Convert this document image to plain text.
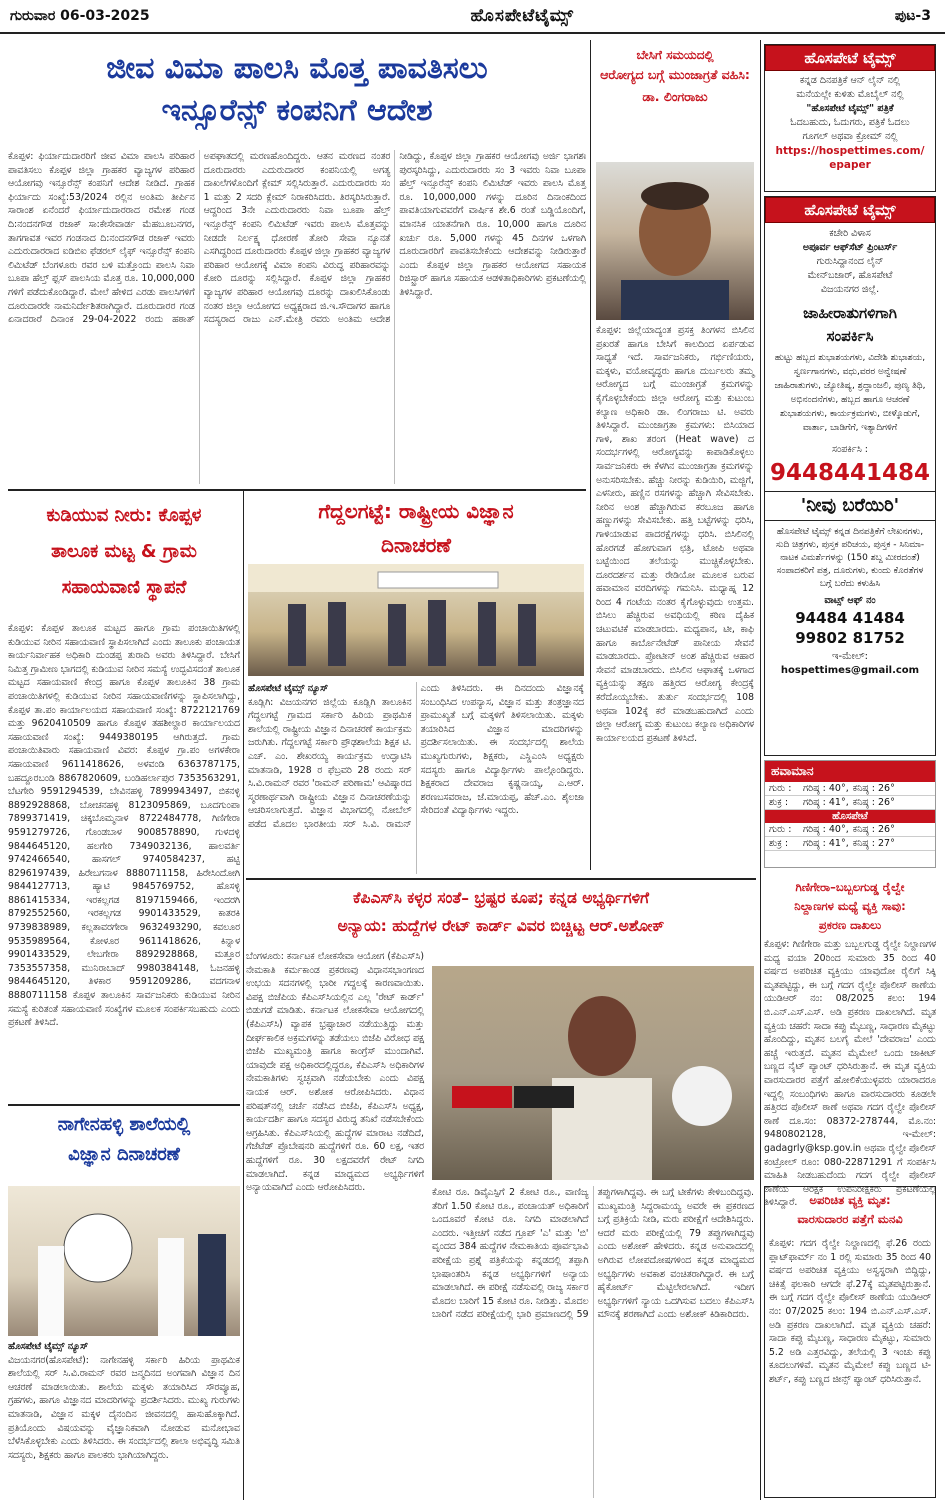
ಗುರುವಾರ 06-03-2025	ಹೊಸಪೇಟೆಟೈಮ್ಸ್	ಪುಟ-3
ಜೀವ ವಿಮಾ ಪಾಲಸಿ ಮೊತ್ತ ಪಾವತಿಸಲು
ಇನ್ಸೂರೆನ್ಸ್ ಕಂಪನಿಗೆ ಆದೇಶ
ಕೊಪ್ಪಳ: ಫಿರ್ಯಾದುದಾರರಿಗೆ ಜೀವ ವಿಮಾ ಪಾಲಸಿ ಪರಿಹಾರ ಪಾವತಿಸಲು ಕೊಪ್ಪಳ ಜಿಲ್ಲಾ ಗ್ರಾಹಕರ ವ್ಯಾಜ್ಯಗಳ ಪರಿಹಾರ ಆಯೋಗವು ಇನ್ಸೂರೆನ್ಸ್ ಕಂಪನಿಗೆ ಆದೇಶ ನೀಡಿದೆ. ಗ್ರಾಹಕ ಫಿರ್ಯಾದು ಸಂಖ್ಯೆ:53/2024 ರಲ್ಲಿನ ಅಂತಿಮ ತೀರ್ಪಿನ ಸಾರಾಂಶ ಏನೆಂದರೆ ಫಿರ್ಯಾದುದಾರರಾದ ರಮೇಶ ಗಂಡ ದಿ:ನಂದನಗೌಡ ರಜಾಕ್ ಸಾ:ಕೇಸೇವಾರ್ಡ ಮೆಹಬೂಬನಗರ, ತಾಗಗಾವತ ಇವರ ಗಂಡನಾದ ದಿ:ನಂದನಗೌಡ ರಜಾಕ್ ಇವರು ಎದುರುದಾರರಾದ ಐಡಿಬಿಐ ಫೆಡರಲ್ ಲೈಫ್ ಇನ್ಸೂರೆನ್ಸ್ ಕಂಪನಿ ಲಿಮಿಟೆಡ್ ಬೆಂಗಳೂರು ರವರ ಬಳಿ ಮತ್ತೊಂದು ಪಾಲಸಿ ನಿವಾ ಬೂಪಾ ಹೆಲ್ತ್ ಫ್ಲಸ್ ಪಾಲಸಿಯ ಮೊತ್ತ ರೂ. 10,000,000 ಗಳಿಗೆ ಪಡೆದುಕೊಂಡಿದ್ದಾರೆ. ಮೇಲೆ ಹೇಳಿದ ಎರಡು ಪಾಲಸಿಗಳಿಗೆ ದೂರುದಾರರೇ ನಾಮನಿರ್ದೇಶಿತರಾಗಿದ್ದಾರೆ. ದೂರುದಾರರ ಗಂಡ ಏನಾದರಾರೆ ದಿನಾಂಕ 29-04-2022 ರಂದು ಹಠಾತ್ ಅಪಘಾತದಲ್ಲಿ ಮರಣಹೊಂದಿದ್ದರು. ಆತನ ಮರಣದ ನಂತರ ದೂರುದಾರರು ಎದುರುದಾರರ ಕಂಪನಿಯಲ್ಲಿ ಅಗತ್ಯ ದಾಖಲೆಗಳೊಂದಿಗೆ ಕ್ಲೇಮ್ ಸಲ್ಲಿಸಿರುತ್ತಾರೆ. ಎದುರುದಾರರು ಸಂ 1 ಮತ್ತು 2 ಸದರಿ ಕ್ಲೇಮ್ ನಿರಾಕರಿಸಿದರು. ತಿರಸ್ಕರಿಸಿರುತ್ತಾರೆ. ಆದ್ದರಿಂದ 3ನೇ ಎದುರುದಾರರು ನಿವಾ ಬೂಪಾ ಹೆಲ್ತ್ ಇನ್ಸೂರೆನ್ಸ್ ಕಂಪನಿ ಲಿಮಿಟೆಡ್ ಇವರು ಪಾಲಸಿ ಮೊತ್ತವನ್ನು ನೀಡದೇ ನಿರ್ಲಕ್ಷ್ಯ ಧೋರಣೆ ತೋರಿ ಸೇವಾ ನ್ಯೂನತೆ ಎಸಗಿದ್ದರಿಂದ ದೂರುದಾರರು ಕೊಪ್ಪಳ ಜಿಲ್ಲಾ ಗ್ರಾಹಕರ ವ್ಯಾಜ್ಯಗಳ ಪರಿಹಾರ ಆಯೋಗಕ್ಕೆ ವಿಮಾ ಕಂಪನಿ ವಿರುದ್ಧ ಪರಿಹಾರವನ್ನು ಕೋರಿ ದೂರನ್ನು ಸಲ್ಲಿಸಿದ್ದಾರೆ. ಕೊಪ್ಪಳ ಜಿಲ್ಲಾ ಗ್ರಾಹಕರ ವ್ಯಾಜ್ಯಗಳ ಪರಿಹಾರ ಆಯೋಗವು ದೂರನ್ನು ದಾಖಲಿಸಿಕೊಂಡು ನಂತರ ಜಿಲ್ಲಾ ಆಯೋಗದ ಅಧ್ಯಕ್ಷರಾದ ಜಿ.ಇ.ಸೌದಾಗರ ಹಾಗೂ ಸದಸ್ಯರಾದ ರಾಜು ಎನ್.ಮೇತ್ರಿ ರವರು ಅಂತಿಮ ಆದೇಶ ನೀಡಿದ್ದು, ಕೊಪ್ಪಳ ಜಿಲ್ಲಾ ಗ್ರಾಹಕರ ಆಯೋಗವು ಅರ್ಜಿ ಭಾಗಶಃ ಪುರಸ್ಕರಿಸಿದ್ದು, ಎದುರುದಾರರು ಸಂ 3 ಇವರು ನಿವಾ ಬೂಪಾ ಹೆಲ್ತ್ ಇನ್ಸೂರೆನ್ಸ್ ಕಂಪನಿ ಲಿಮಿಟೆಡ್ ಇವರು ಪಾಲಸಿ ಮೊತ್ತ ರೂ. 10,000,000 ಗಳನ್ನು ದೂರಿನ ದಿನಾಂಕದಿಂದ ಪಾವತಿಯಾಗುವವರೆಗೆ ವಾರ್ಷಿಕ ಶೇ.6 ರಂತೆ ಬಡ್ಡಿಯೊಂದಿಗೆ, ಮಾನಸಿಕ ಯಾತನೆಗಾಗಿ ರೂ. 10,000 ಹಾಗೂ ದೂರಿನ ಖರ್ಚು ರೂ. 5,000 ಗಳನ್ನು 45 ದಿನಗಳ ಒಳಗಾಗಿ ದೂರುದಾರರಿಗೆ ಪಾವತಿಸಬೇಕೆಂದು ಆದೇಶವನ್ನು ನೀಡಿರುತ್ತಾರೆ ಎಂದು ಕೊಪ್ಪಳ ಜಿಲ್ಲಾ ಗ್ರಾಹಕರ ಆಯೋಗದ ಸಹಾಯಕ ರಿಜಿಸ್ಟ್ರಾರ್ ಹಾಗೂ ಸಹಾಯಕ ಆಡಳಿತಾಧಿಕಾರಿಗಳು ಪ್ರಕಟಣೆಯಲ್ಲಿ ತಿಳಿಸಿದ್ದಾರೆ.
ಬೇಸಿಗೆ ಸಮಯದಲ್ಲಿ
ಆರೋಗ್ಯದ ಬಗ್ಗೆ ಮುಂಜಾಗ್ರತೆ ವಹಿಸಿ: ಡಾ. ಲಿಂಗರಾಜು
ಕೊಪ್ಪಳ: ಜಿಲ್ಲೆಯಾದ್ಯಂತ ಪ್ರಸಕ್ತ ತಿಂಗಳನ ಬಿಸಿಲಿನ ಪ್ರಖರತೆ ಹಾಗೂ ಬೇಸಿಗೆ ಕಾಲದಿಂದ ಏರ್ಪಡುವ ಸಾಧ್ಯತೆ ಇದೆ. ಸಾರ್ವಜನಿಕರು, ಗರ್ಭಿಣಿಯರು, ಮಕ್ಕಳು, ವಯೋವೃದ್ಧರು ಹಾಗೂ ದುರ್ಬಲರು ತಮ್ಮ ಆರೋಗ್ಯದ ಬಗ್ಗೆ ಮುಂಜಾಗ್ರತೆ ಕ್ರಮಗಳನ್ನು ಕೈಗೊಳ್ಳಬೇಕೆಂದು ಜಿಲ್ಲಾ ಆರೋಗ್ಯ ಮತ್ತು ಕುಟುಂಬ ಕಲ್ಯಾಣ ಅಧಿಕಾರಿ ಡಾ. ಲಿಂಗರಾಜು ಟಿ. ಅವರು ತಿಳಿಸಿದ್ದಾರೆ. ಮುಂಜಾಗ್ರತಾ ಕ್ರಮಗಳು: ಬಿಸಿಯಾದ ಗಾಳಿ, ಶಾಖ ತರಂಗ (Heat wave) ದ ಸಂದರ್ಭಗಳಲ್ಲಿ ಆರೋಗ್ಯವನ್ನು ಕಾಪಾಡಿಕೊಳ್ಳಲು ಸಾರ್ವಜನಿಕರು ಈ ಕೆಳಗಿನ ಮುಂಜಾಗ್ರತಾ ಕ್ರಮಗಳನ್ನು ಅನುಸರಿಸಬೇಕು. ಹೆಚ್ಚು ನೀರನ್ನು ಕುಡಿಯಿರಿ, ಮಜ್ಜಿಗೆ, ಎಳನೀರು, ಹಣ್ಣಿನ ರಸಗಳನ್ನು ಹೆಚ್ಚಾಗಿ ಸೇವಿಸಬೇಕು. ನೀರಿನ ಅಂಶ ಹೆಚ್ಚಾಗಿರುವ ಕರಬೂಜ ಹಾಗೂ ಹಣ್ಣುಗಳನ್ನು ಸೇವಿಸಬೇಕು. ಹತ್ತಿ ಬಟ್ಟೆಗಳನ್ನು ಧರಿಸಿ, ಗಾಳಿಯಾಡುವ ಪಾದರಕ್ಷೆಗಳನ್ನು ಧರಿಸಿ. ಬಿಸಿಲಿನಲ್ಲಿ ಹೊರಗಡೆ ಹೋಗುವಾಗ ಛತ್ರಿ, ಟೋಪಿ ಅಥವಾ ಬಟ್ಟೆಯಿಂದ ತಲೆಯನ್ನು ಮುಚ್ಚಿಕೊಳ್ಳಬೇಕು. ದೂರದರ್ಶನ ಮತ್ತು ರೇಡಿಯೋ ಮೂಲಕ ಬರುವ ಹವಾಮಾನ ವರದಿಗಳನ್ನು ಗಮನಿಸಿ. ಮಧ್ಯಾಹ್ನ 12 ರಿಂದ 4 ಗಂಟೆಯ ನಂತರ ಕೈಗೊಳ್ಳುವುದು ಉತ್ತಮ. ಬಿಸಿಲು ಹೆಚ್ಚಿರುವ ಅವಧಿಯಲ್ಲಿ ಕಠಿಣ ದೈಹಿಕ ಚಟುವಟಿಕೆ ಮಾಡಬಾರದು. ಮಧ್ಯಪಾನ, ಟೀ, ಕಾಫಿ ಹಾಗೂ ಕಾರ್ಬೊನೇಟೆಡ್ ಪಾನೀಯ ಸೇವನೆ ಮಾಡಬಾರದು. ಪ್ರೋಟೀನ್ ಅಂಶ ಹೆಚ್ಚಿರುವ ಆಹಾರ ಸೇವನೆ ಮಾಡಬಾರದು. ಬಿಸಿಲಿನ ಆಘಾತಕ್ಕೆ ಒಳಗಾದ ವ್ಯಕ್ತಿಯನ್ನು ತಕ್ಷಣ ಹತ್ತಿರದ ಆರೋಗ್ಯ ಕೇಂದ್ರಕ್ಕೆ ಕರೆದೊಯ್ಯಬೇಕು. ತುರ್ತು ಸಂದರ್ಭದಲ್ಲಿ 108 ಅಥವಾ 102ಕ್ಕೆ ಕರೆ ಮಾಡಬಹುದಾಗಿದೆ ಎಂದು ಜಿಲ್ಲಾ ಆರೋಗ್ಯ ಮತ್ತು ಕುಟುಂಬ ಕಲ್ಯಾಣ ಅಧಿಕಾರಿಗಳ ಕಾರ್ಯಾಲಯದ ಪ್ರಕಟಣೆ ತಿಳಿಸಿದೆ.
ಹೊಸಪೇಟೆ ಟೈಮ್ಸ್
ಕನ್ನಡ ದಿನಪತ್ರಿಕೆ ಆನ್ ಲೈನ್ ನಲ್ಲಿ
ಮನೆಯಲ್ಲೇ ಕುಳಿತು ಮೊಬೈಲ್ ನಲ್ಲಿ
"ಹೊಸಪೇಟೆ ಟೈಮ್ಸ್" ಪತ್ರಿಕೆ
ಓದಬಹುದು, ಓದುಗರು, ಪತ್ರಿಕೆ ಓದಲು
ಗೂಗಲ್ ಅಥವಾ ಕ್ರೋಮ್ ನಲ್ಲಿ
https://hospettimes.com/
epaper
ಹೊಸಪೇಟೆ ಟೈಮ್ಸ್
ಕಚೇರಿ ವಿಳಾಸ
ಅಪೂರ್ವ ಆಫ್‌ಸೆಟ್ ಪ್ರಿಂಟರ್ಸ್
ಗುರುಸಿದ್ದಾನಂದ ಲೈನ್
ಮೇನ್‌ಬಜಾರ್, ಹೊಸಪೇಟೆ
ವಿಜಯನಗರ ಜಿಲ್ಲೆ.
ಜಾಹೀರಾತುಗಳಿಗಾಗಿ
ಸಂಪರ್ಕಿಸಿ
ಹುಟ್ಟು ಹಬ್ಬದ ಶುಭಾಶಯಗಳು, ವಿದೇಶಿ ಶುಭಾಶಯ, ಸ್ವರ್ಣಗಾನಗಳು, ವಧು,ವರರ ಅನ್ವೇಷಣೆ ಜಾಹಿರಾತುಗಳು, ಜ್ಯೋತಿಷ್ಯ, ಶ್ರದ್ಧಾಂಜಲಿ, ಪುಣ್ಯ ತಿಥಿ, ಅಭಿನಂದನೆಗಳು, ಹಬ್ಬದ ಹಾಗೂ ಆಚರಣೆ ಶುಭಾಶಯಗಳು, ಕಾರ್ಯಕ್ರಮಗಳು, ಬೀಳ್ಕೊಡುಗೆ, ವಾರ್ತಾ, ಬಾಡಿಗೆಗೆ, ಇತ್ಯಾದಿಗಳಿಗೆ
ಸಂಪರ್ಕಿಸಿ :
9448441484
'ನೀವು ಬರೆಯಿರಿ'
ಹೊಸಪೇಟೆ ಟೈಮ್ಸ್ ಕನ್ನಡ ದಿನಪತ್ರಿಕೆಗೆ ಲೇಖನಗಳು, ಸುದಿ ಚಿತ್ರಗಳು, ಪುಸ್ತಕ ಪರಿಚಯ, ಪುಸ್ತಕ - ಸಿನಿಮಾ-ನಾಟಕ ವಿಮರ್ಶೆಗಳನ್ನು (150 ಶಬ್ದ ಮೀರದಂತೆ) ಸಂಪಾದಕರಿಗೆ ಪತ್ರ, ದೂರುಗಳು, ಕುಂದು ಕೊರತೆಗಳ ಬಗ್ಗೆ ಬರೆದು ಕಳುಹಿಸಿ
ವಾಟ್ಸ್ ಆಫ್ ನಂ
94484 41484
99802 81752
ಇ-ಮೇಲ್: hospettimes@gmail.com
ಹವಾಮಾನ
ಗುರು :	ಗರಿಷ್ಠ : 40 ° , ಕನಿಷ್ಠ : 26 °
ಶುಕ್ರ :	ಗರಿಷ್ಠ : 41 ° , ಕನಿಷ್ಠ : 26 °
ಹೊಸಪೇಟೆ
ಗುರು :	ಗರಿಷ್ಠ : 40 ° , ಕನಿಷ್ಠ : 26 °
ಶುಕ್ರ :	ಗರಿಷ್ಠ : 41 ° , ಕನಿಷ್ಠ : 27 °
ಕುಡಿಯುವ ನೀರು: ಕೊಪ್ಪಳ
ತಾಲೂಕ ಮಟ್ಟ & ಗ್ರಾಮ
ಸಹಾಯವಾಣಿ ಸ್ಥಾಪನೆ
ಕೊಪ್ಪಳ: ಕೊಪ್ಪಳ ತಾಲೂಕ ಮಟ್ಟದ ಹಾಗೂ ಗ್ರಾಮ ಪಂಚಾಯಿತಿಗಳಲ್ಲಿ ಕುಡಿಯುವ ನೀರಿನ ಸಹಾಯವಾಣಿ ಸ್ಥಾಪಿಸಲಾಗಿದೆ ಎಂದು ತಾಲೂಕು ಪಂಚಾಯತ ಕಾರ್ಯನಿರ್ವಾಹಕ ಅಧಿಕಾರಿ ದುಂಡಪ್ಪ ತುರಾದಿ ಅವರು ತಿಳಿಸಿದ್ದಾರೆ. ಬೇಸಿಗೆ ನಿಮಿತ್ತ ಗ್ರಾಮೀಣ ಭಾಗದಲ್ಲಿ ಕುಡಿಯುವ ನೀರಿನ ಸಮಸ್ಯೆ ಉದ್ಭವಿಸದಂತೆ ತಾಲೂಕ ಮಟ್ಟದ ಸಹಾಯವಾಣಿ ಕೇಂದ್ರ ಹಾಗೂ ಕೊಪ್ಪಳ ತಾಲೂಕಿನ 38 ಗ್ರಾಮ ಪಂಚಾಯಿತಿಗಳಲ್ಲಿ ಕುಡಿಯುವ ನೀರಿನ ಸಹಾಯವಾಣಿಗಳನ್ನು ಸ್ಥಾಪಿಸಲಾಗಿದ್ದು, ಕೊಪ್ಪಳ ತಾ.ಪಂ ಕಾರ್ಯಾಲಯದ ಸಹಾಯವಾಣಿ ಸಂಖ್ಯೆ: 8722121769 ಮತ್ತು 9620410509 ಹಾಗೂ ಕೊಪ್ಪಳ ತಹಶೀಲ್ದಾರ ಕಾರ್ಯಾಲಯದ ಸಹಾಯವಾಣಿ ಸಂಖ್ಯೆ: 9449380195 ಆಗಿರುತ್ತದೆ. ಗ್ರಾಮ ಪಂಚಾಯಿತಿವಾರು ಸಹಾಯವಾಣಿ ವಿವರ: ಕೊಪ್ಪಳ ಗ್ರಾ.ಪಂ ಅಗಳಕೇರಾ ಸಹಾಯವಾಣಿ 9611418626, ಅಳವಂಡಿ 6363787175, ಬಹದ್ದೂರಬಂಡಿ 8867820609, ಬಂಡಿಹರ್ಲಾಪುರ 7353563291, ಬೆಟಗೇರಿ 9591294539, ಬೇವಿನಹಳ್ಳಿ 7899943497, ಬಿಕನಳ್ಳಿ 8892928868, ಬೋಚನಹಳ್ಳಿ 8123095869, ಬೂದಗುಂಪಾ 7899371419, ಚಿಕ್ಕಬೊಮ್ಮನಾಳ 8722484778, ಗಿಣಿಗೇರಾ 9591279726, ಗೊಂಡಬಾಳ 9008578890, ಗುಳದಳ್ಳಿ 9844645120, ಹಲಗೇರಿ 7349032136, ಹಾಲವರ್ತಿ 9742466540, ಹಾಸಗಲ್ 9740584237, ಹಟ್ಟಿ 8296197439, ಹಿರೇಬಗನಾಳ 8880711158, ಹಿರೇಸಿಂದೋಗಿ 9844127713, ಹ್ಯಾಟಿ 9845769752, ಹೊಸಳ್ಳಿ 8861415334, ಇರಕಲ್ಲಗಡ 8197159466, ಇಂದರಗಿ 8792552560, ಇರಕಲ್ಲಗಡ 9901433529, ಕಾತರಕಿ 9739838989, ಕಲ್ಲತಾವರಗೇರಾ 9632493290, ಕವಲೂರ 9535989564, ಕೋಳೂರ 9611418626, ಕಿನ್ನಾಳ 9901433529, ಲೇಬಗೇರಾ 8892928868, ಮತ್ತೂರ 7353557358, ಮುನಿರಾಬಾದ್ 9980384148, ಓಜನಹಳ್ಳಿ 9844645120, ತಿಳಕಾರ 9591209286, ವದಗನಾಳ 8880711158 ಕೊಪ್ಪಳ ತಾಲೂಕಿನ ಸಾರ್ವಜನಿಕರು ಕುಡಿಯುವ ನೀರಿನ ಸಮಸ್ಯೆ ಕುರಿತಂತೆ ಸಹಾಯವಾಣಿ ಸಂಖ್ಯೆಗಳ ಮೂಲಕ ಸಂಪರ್ಕಿಸಬಹುದು ಎಂದು ಪ್ರಕಟಣೆ ತಿಳಿಸಿದೆ.
ಗೆದ್ದಲಗಟ್ಟೆ: ರಾಷ್ಟ್ರೀಯ ವಿಜ್ಞಾನ
ದಿನಾಚರಣೆ
ಹೊಸಪೇಟೆ ಟೈಮ್ಸ್ ನ್ಯೂಸ್
ಕೂಡ್ಲಿಗಿ: ವಿಜಯನಗರ ಜಿಲ್ಲೆಯ ಕೂಡ್ಲಿಗಿ ತಾಲೂಕಿನ ಗೆದ್ದಲಗಟ್ಟೆ ಗ್ರಾಮದ ಸರ್ಕಾರಿ ಹಿರಿಯ ಪ್ರಾಥಮಿಕ ಶಾಲೆಯಲ್ಲಿ ರಾಷ್ಟ್ರೀಯ ವಿಜ್ಞಾನ ದಿನಾಚರಣೆ ಕಾರ್ಯಕ್ರಮ ಜರುಗಿತು. ಗೆದ್ದಲಗಟ್ಟೆ ಸರ್ಕಾರಿ ಪ್ರೌಢಶಾಲೆಯ ಶಿಕ್ಷಕ ಟಿ. ಎಚ್. ಎಂ. ಶೇಖರಯ್ಯ ಕಾರ್ಯಕ್ರಮ ಉದ್ಘಾಟಿಸಿ ಮಾತನಾಡಿ, 1928 ರ ಫೆಬ್ರವರಿ 28 ರಂದು ಸರ್ ಸಿ.ವಿ.ರಾಮನ್ ರವರ 'ರಾಮನ್ ಪರಿಣಾಮ' ಆವಿಷ್ಕಾರದ ಸ್ಮರಣಾರ್ಥವಾಗಿ ರಾಷ್ಟ್ರೀಯ ವಿಜ್ಞಾನ ದಿನಾಚರಣೆಯನ್ನು ಆಚರಿಸಲಾಗುತ್ತದೆ. ವಿಜ್ಞಾನ ವಿಭಾಗದಲ್ಲಿ ನೋಬೆಲ್ ಪಡೆದ ಮೊದಲ ಭಾರತೀಯ ಸರ್ ಸಿ.ವಿ. ರಾಮನ್ ಎಂದು ತಿಳಿಸಿದರು. ಈ ದಿನದಂದು ವಿಜ್ಞಾನಕ್ಕೆ ಸಂಬಂಧಿಸಿದ ಉಪನ್ಯಾಸ, ವಿಜ್ಞಾನ ಮತ್ತು ತಂತ್ರಜ್ಞಾನದ ಪ್ರಾಮುಖ್ಯತೆ ಬಗ್ಗೆ ಮಕ್ಕಳಿಗೆ ತಿಳಿಸಲಾಯಿತು. ಮಕ್ಕಳು ತಯಾರಿಸಿದ ವಿಜ್ಞಾನ ಮಾದರಿಗಳನ್ನು ಪ್ರದರ್ಶಿಸಲಾಯಿತು. ಈ ಸಂದರ್ಭದಲ್ಲಿ ಶಾಲೆಯ ಮುಖ್ಯಗುರುಗಳು, ಶಿಕ್ಷಕರು, ಎಸ್ಡಿಎಂಸಿ ಅಧ್ಯಕ್ಷರು ಸದಸ್ಯರು ಹಾಗೂ ವಿದ್ಯಾರ್ಥಿಗಳು ಪಾಲ್ಗೊಂಡಿದ್ದರು. ಶಿಕ್ಷಕರಾದ ದೇವರಾಜ ಕೃಷ್ಣನಾಯ್ಕ, ಎ.ಆರ್. ಶರಣಬಸವರಾಜ, ಜೆ.ಮಾಯಪ್ಪ, ಹೆಚ್.ಎಂ. ಶೈಲಜಾ ಸೇರಿದಂತೆ ವಿದ್ಯಾರ್ಥಿಗಳು ಇದ್ದರು.
ಕೆಪಿಎಸ್‌ಸಿ ಕಳ್ಳರ ಸಂತೆ– ಭ್ರಷ್ಟರ ಕೂಪ; ಕನ್ನಡ ಅಭ್ಯರ್ಥಿಗಳಿಗೆ
ಅನ್ಯಾಯ: ಹುದ್ದೆಗಳ ರೇಟ್ ಕಾರ್ಡ್ ವಿವರ ಬಿಚ್ಚಿಟ್ಟ ಆರ್.ಅಶೋಕ್
ಬೆಂಗಳೂರು: ಕರ್ನಾಟಕ ಲೋಕಸೇವಾ ಆಯೋಗ (ಕೆಪಿಎಸ್‌ಸಿ) ನೇಮಕಾತಿ ಕರ್ಮಕಾಂಡ ಪ್ರಕರಣವು ವಿಧಾನಸಭಾಂಗಣದ ಉಭಯ ಸದನಗಳಲ್ಲಿ ಭಾರೀ ಗದ್ದಲಕ್ಕೆ ಕಾರಣವಾಯಿತು. ವಿಪಕ್ಷ ಬಿಜೆಪಿಯ ಕೆಪಿಎಸ್‌ಸಿಯಲ್ಲಿನ ಎಲ್ಲ 'ರೇಟ್ ಕಾರ್ಡ್' ಬಿಡುಗಡೆ ಮಾಡಿತು. ಕರ್ನಾಟಕ ಲೋಕಸೇವಾ ಆಯೋಗದಲ್ಲಿ (ಕೆಪಿಎಸ್‌ಸಿ) ವ್ಯಾಪಕ ಭ್ರಷ್ಟಾಚಾರ ನಡೆಯುತ್ತಿದ್ದು ಮತ್ತು ದೀರ್ಘಕಾಲಿಕ ಅಕ್ರಮಗಳನ್ನು ತಡೆಯಲು ಬಿಜೆಪಿ ವಿರೋಧ ಪಕ್ಷ ಬಿಜೆಪಿ ಮುಖ್ಯಮಂತ್ರಿ ಹಾಗೂ ಕಾಂಗ್ರೆಸ್ ಮುಂದಾಗಿವೆ. ಯಾವುದೇ ಪಕ್ಷ ಅಧಿಕಾರದಲ್ಲಿದ್ದರೂ, ಕೆಪಿಎಸ್‌ಸಿ ಅಧಿಕಾರಿಗಳ ನೇಮಕಾತಿಗಳು ಸ್ವಚ್ಛವಾಗಿ ನಡೆಯಬೇಕು ಎಂದು ವಿಪಕ್ಷ ನಾಯಕ ಆರ್. ಅಶೋಕ ಆರೋಪಿಸಿದರು. ವಿಧಾನ ಪರಿಷತ್‌ನಲ್ಲಿ ಚರ್ಚೆ ನಡೆಸಿದ ಬಿಜೆಪಿ, ಕೆಪಿಎಸ್‌ಸಿ ಅಧ್ಯಕ್ಷ, ಕಾರ್ಯದರ್ಶಿ ಹಾಗೂ ಸದಸ್ಯರ ವಿರುದ್ಧ ತನಿಖೆ ನಡೆಸಬೇಕೆಂದು ಆಗ್ರಹಿಸಿತು. ಕೆಪಿಎಸ್‌ಸಿಯಲ್ಲಿ ಹುದ್ದೆಗಳ ಮಾರಾಟ ನಡೆದಿದೆ, ಗೆಜೆಟೆಡ್ ಪ್ರೊಬೇಷನರಿ ಹುದ್ದೆಗಳಿಗೆ ರೂ. 60 ಲಕ್ಷ, ಇತರ ಹುದ್ದೆಗಳಿಗೆ ರೂ. 30 ಲಕ್ಷದವರೆಗೆ ರೇಟ್ ನಿಗದಿ ಮಾಡಲಾಗಿದೆ. ಕನ್ನಡ ಮಾಧ್ಯಮದ ಅಭ್ಯರ್ಥಿಗಳಿಗೆ ಅನ್ಯಾಯವಾಗಿದೆ ಎಂದು ಆರೋಪಿಸಿದರು.	ಕೋಟಿ ರೂ. ಡಿವೈಎಸ್ಪಿಗೆ 2 ಕೋಟಿ ರೂ., ವಾಣಿಜ್ಯ ತೆರಿಗೆ 1.50 ಕೋಟಿ ರೂ., ಪಂಚಾಯತ್ ಅಧಿಕಾರಿಗೆ ಒಂದೂವರೆ ಕೋಟಿ ರೂ. ನಿಗದಿ ಮಾಡಲಾಗಿದೆ ಎಂದರು. ಇತ್ತೀಚಿಗೆ ನಡೆದ ಗ್ರೂಪ್ 'ಎ' ಮತ್ತು 'ಬಿ' ವೃಂದದ 384 ಹುದ್ದೆಗಳ ನೇಮಕಾತಿಯ ಪೂರ್ವಭಾವಿ ಪರೀಕ್ಷೆಯ ಪ್ರಶ್ನೆ ಪತ್ರಿಕೆಯನ್ನು ಕನ್ನಡದಲ್ಲಿ ತಪ್ಪಾಗಿ ಭಾಷಾಂತರಿಸಿ ಕನ್ನಡ ಅಭ್ಯರ್ಥಿಗಳಿಗೆ ಅನ್ಯಾಯ ಮಾಡಲಾಗಿದೆ. ಈ ಪರೀಕ್ಷೆ ನಡೆಸುವಲ್ಲಿ ರಾಜ್ಯ ಸರ್ಕಾರ ಮೊದಲ ಬಾರಿಗೆ 15 ಕೋಟಿ ರೂ. ನೀಡಿತ್ತು. ಮೊದಲ ಬಾರಿಗೆ ನಡೆದ ಪರೀಕ್ಷೆಯಲ್ಲಿ ಭಾರಿ ಪ್ರಮಾಣದಲ್ಲಿ 59 ತಪ್ಪುಗಳಾಗಿದ್ದವು. ಈ ಬಗ್ಗೆ ಟೀಕೆಗಳು ಕೇಳಿಬಂದಿದ್ದವು. ಮುಖ್ಯಮಂತ್ರಿ ಸಿದ್ದರಾಮಯ್ಯ ಅವರೇ ಈ ಪ್ರಕರಣದ ಬಗ್ಗೆ ಪ್ರತಿಕ್ರಿಯೆ ನೀಡಿ, ಮರು ಪರೀಕ್ಷೆಗೆ ಆದೇಶಿಸಿದ್ದರು. ಆದರೆ ಮರು ಪರೀಕ್ಷೆಯಲ್ಲಿ 79 ತಪ್ಪುಗಳಾಗಿದ್ದವು ಎಂದು ಅಶೋಕ್ ಹೇಳಿದರು. ಕನ್ನಡ ಅನುವಾದದಲ್ಲಿ ಅಗಿರುವ ಲೋಪದೋಷಗಳಿಂದ ಕನ್ನಡ ಮಾಧ್ಯಮದ ಅಭ್ಯರ್ಥಿಗಳು ಅವಕಾಶ ವಂಚಿತರಾಗಿದ್ದಾರೆ. ಈ ಬಗ್ಗೆ ಹೈಕೋರ್ಟ್ ಮೆಟ್ಟಿಲೇರಲಾಗಿದೆ. ಇದೀಗ ಅಭ್ಯರ್ಥಿಗಳಿಗೆ ನ್ಯಾಯ ಒದಗಿಸುವ ಬದಲು ಕೆಪಿಎಸ್‌ಸಿ ಮೌನಕ್ಕೆ ಶರಣಾಗಿದೆ ಎಂದು ಅಶೋಕ್ ಕಿಡಿಕಾರಿದರು.
ನಾಗೇನಹಳ್ಳಿ ಶಾಲೆಯಲ್ಲಿ
ವಿಜ್ಞಾನ ದಿನಾಚರಣೆ
ಹೊಸಪೇಟೆ ಟೈಮ್ಸ್ ನ್ಯೂಸ್
ವಿಜಯನಗರ(ಹೊಸಪೇಟೆ): ನಾಗೇನಹಳ್ಳಿ ಸರ್ಕಾರಿ ಹಿರಿಯ ಪ್ರಾಥಮಿಕ ಶಾಲೆಯಲ್ಲಿ ಸರ್ ಸಿ.ವಿ.ರಾಮನ್ ರವರ ಜನ್ಮದಿನದ ಅಂಗವಾಗಿ ವಿಜ್ಞಾನ ದಿನ ಆಚರಣೆ ಮಾಡಲಾಯಿತು. ಶಾಲೆಯ ಮಕ್ಕಳು ತಯಾರಿಸಿದ ಸೌರವ್ಯೂಹ, ಗ್ರಹಗಳು, ಹಾಗೂ ವಿಜ್ಞಾನದ ಮಾದರಿಗಳನ್ನು ಪ್ರದರ್ಶಿಸಿದರು. ಮುಖ್ಯ ಗುರುಗಳು ಮಾತನಾಡಿ, ವಿಜ್ಞಾನ ಮಕ್ಕಳ ದೈನಂದಿನ ಜೀವನದಲ್ಲಿ ಹಾಸುಹೊಕ್ಕಾಗಿದೆ. ಪ್ರತಿಯೊಂದು ವಿಷಯವನ್ನು ವೈಜ್ಞಾನಿಕವಾಗಿ ನೋಡುವ ಮನೋಭಾವ ಬೆಳೆಸಿಕೊಳ್ಳಬೇಕು ಎಂದು ತಿಳಿಸಿದರು. ಈ ಸಂದರ್ಭದಲ್ಲಿ ಶಾಲಾ ಅಭಿವೃದ್ಧಿ ಸಮಿತಿ ಸದಸ್ಯರು, ಶಿಕ್ಷಕರು ಹಾಗೂ ಪಾಲಕರು ಭಾಗಿಯಾಗಿದ್ದರು.
ಗಿಣಿಗೇರಾ–ಬಬ್ಬಲಗುಡ್ಡ ರೈಲ್ವೇ
ನಿಲ್ದಾಣಗಳ ಮಧ್ಯೆ ವ್ಯಕ್ತಿ ಸಾವು:
ಪ್ರಕರಣ ದಾಖಲು
ಕೊಪ್ಪಳ: ಗಿಣಿಗೇರಾ ಮತ್ತು ಬಬ್ಬಲಗುಡ್ಡ ರೈಲ್ವೇ ನಿಲ್ದಾಣಗಳ ಮಧ್ಯ ವಯಾ 20ರಿಂದ ಸುಮಾರು 35 ರಿಂದ 40 ವರ್ಷದ ಅಪರಿಚಿತ ವ್ಯಕ್ತಿಯು ಯಾವುದೋ ರೈಲಿಗೆ ಸಿಕ್ಕಿ ಮೃತಪಟ್ಟಿದ್ದು, ಈ ಬಗ್ಗೆ ಗದಗ ರೈಲ್ವೇ ಪೊಲೀಸ್ ಠಾಣೆಯ ಯುಡಿಆರ್ ನಂ: 08/2025 ಕಲಂ: 194 ಬಿ.ಎನ್.ಎಸ್.ಎಸ್. ಅಡಿ ಪ್ರಕರಣ ದಾಖಲಾಗಿದೆ. ಮೃತ ವ್ಯಕ್ತಿಯ ಚಹರೆ: ಸಾದಾ ಕಪ್ಪು ಮೈಬಣ್ಣ, ಸಾಧಾರಣ ಮೈಕಟ್ಟು ಹೊಂದಿದ್ದು, ಮೃತನ ಬಲಗೈ ಮೇಲೆ 'ದೇವರಾಜ' ಎಂದು ಹಚ್ಚೆ ಇರುತ್ತದೆ. ಮೃತನ ಮೈಮೇಲೆ ಒಂದು ಜಾಕೀಟ್ ಬಣ್ಣದ ನೈಟ್ ಪ್ಯಾಂಟ್ ಧರಿಸಿರುತ್ತಾನೆ. ಈ ಮೃತ ವ್ಯಕ್ತಿಯ ವಾರಸುದಾರರ ಪತ್ತೆಗೆ ಹೋಲಿಕೆಯುಳ್ಳವರು ಯಾರಾದರೂ ಇದ್ದಲ್ಲಿ ಸಂಬಂಧಿಗಳು ಹಾಗೂ ವಾರಸುದಾರರು ಕೂಡಲೇ ಹತ್ತಿರದ ಪೊಲೀಸ್ ಠಾಣೆ ಅಥವಾ ಗದಗ ರೈಲ್ವೇ ಪೊಲೀಸ್ ಠಾಣೆ ದೂ.ಸಂ: 08372-278744, ಮೊ.ನಂ: 9480802128, ಇ-ಮೇಲ್: gadagrly@ksp.gov.in ಅಥವಾ ರೈಲ್ವೇ ಪೊಲೀಸ್ ಕಂಟ್ರೋಲ್ ರೂಂ: 080-22871291 ಗೆ ಸಂಪರ್ಕಿಸಿ ಮಾಹಿತಿ ನೀಡಬಹುದೆಂದು ಗದಗ ರೈಲ್ವೇ ಪೊಲೀಸ್ ಠಾಣೆಯ ಆರಕ್ಷಕ ಉಪನಿರೀಕ್ಷಕರು ಪ್ರಕಟಣೆಯಲ್ಲಿ ತಿಳಿಸಿದ್ದಾರೆ.	ಅಪರಿಚಿತ ವ್ಯಕ್ತಿ ಮೃತ:
ವಾರಸುದಾರರ ಪತ್ತೆಗೆ ಮನವಿ
ಕೊಪ್ಪಳ: ಗದಗ ರೈಲ್ವೇ ನಿಲ್ದಾಣದಲ್ಲಿ ಫೆ.26 ರಂದು ಪ್ಲಾಟ್‌ಫಾರ್ಮ್ ನಂ 1 ರಲ್ಲಿ ಸುಮಾರು 35 ರಿಂದ 40 ವರ್ಷದ ಅಪರಿಚಿತ ವ್ಯಕ್ತಿಯು ಅಸ್ವಸ್ಥರಾಗಿ ಬಿದ್ದಿದ್ದು, ಚಿಕಿತ್ಸೆ ಫಲಕಾರಿ ಆಗದೇ ಫೆ.27ಕ್ಕೆ ಮೃತಪಟ್ಟಿರುತ್ತಾನೆ. ಈ ಬಗ್ಗೆ ಗದಗ ರೈಲ್ವೇ ಪೊಲೀಸ್ ಠಾಣೆಯ ಯುಡಿಆರ್ ನಂ: 07/2025 ಕಲಂ: 194 ಬಿ.ಎನ್.ಎಸ್.ಎಸ್. ಅಡಿ ಪ್ರಕರಣ ದಾಖಲಾಗಿದೆ. ಮೃತ ವ್ಯಕ್ತಿಯ ಚಹರೆ: ಸಾದಾ ಕಪ್ಪು ಮೈಬಣ್ಣ, ಸಾಧಾರಣ ಮೈಕಟ್ಟು, ಸುಮಾರು 5.2 ಅಡಿ ಎತ್ತರವಿದ್ದು, ತಲೆಯಲ್ಲಿ 3 ಇಂಚು ಕಪ್ಪು ಕೂದಲುಗಳಿವೆ. ಮೃತನ ಮೈಮೇಲೆ ಕಪ್ಪು ಬಣ್ಣದ ಟಿ-ಶರ್ಟ್, ಕಪ್ಪು ಬಣ್ಣದ ಜೀನ್ಸ್ ಪ್ಯಾಂಟ್ ಧರಿಸಿರುತ್ತಾನೆ.
